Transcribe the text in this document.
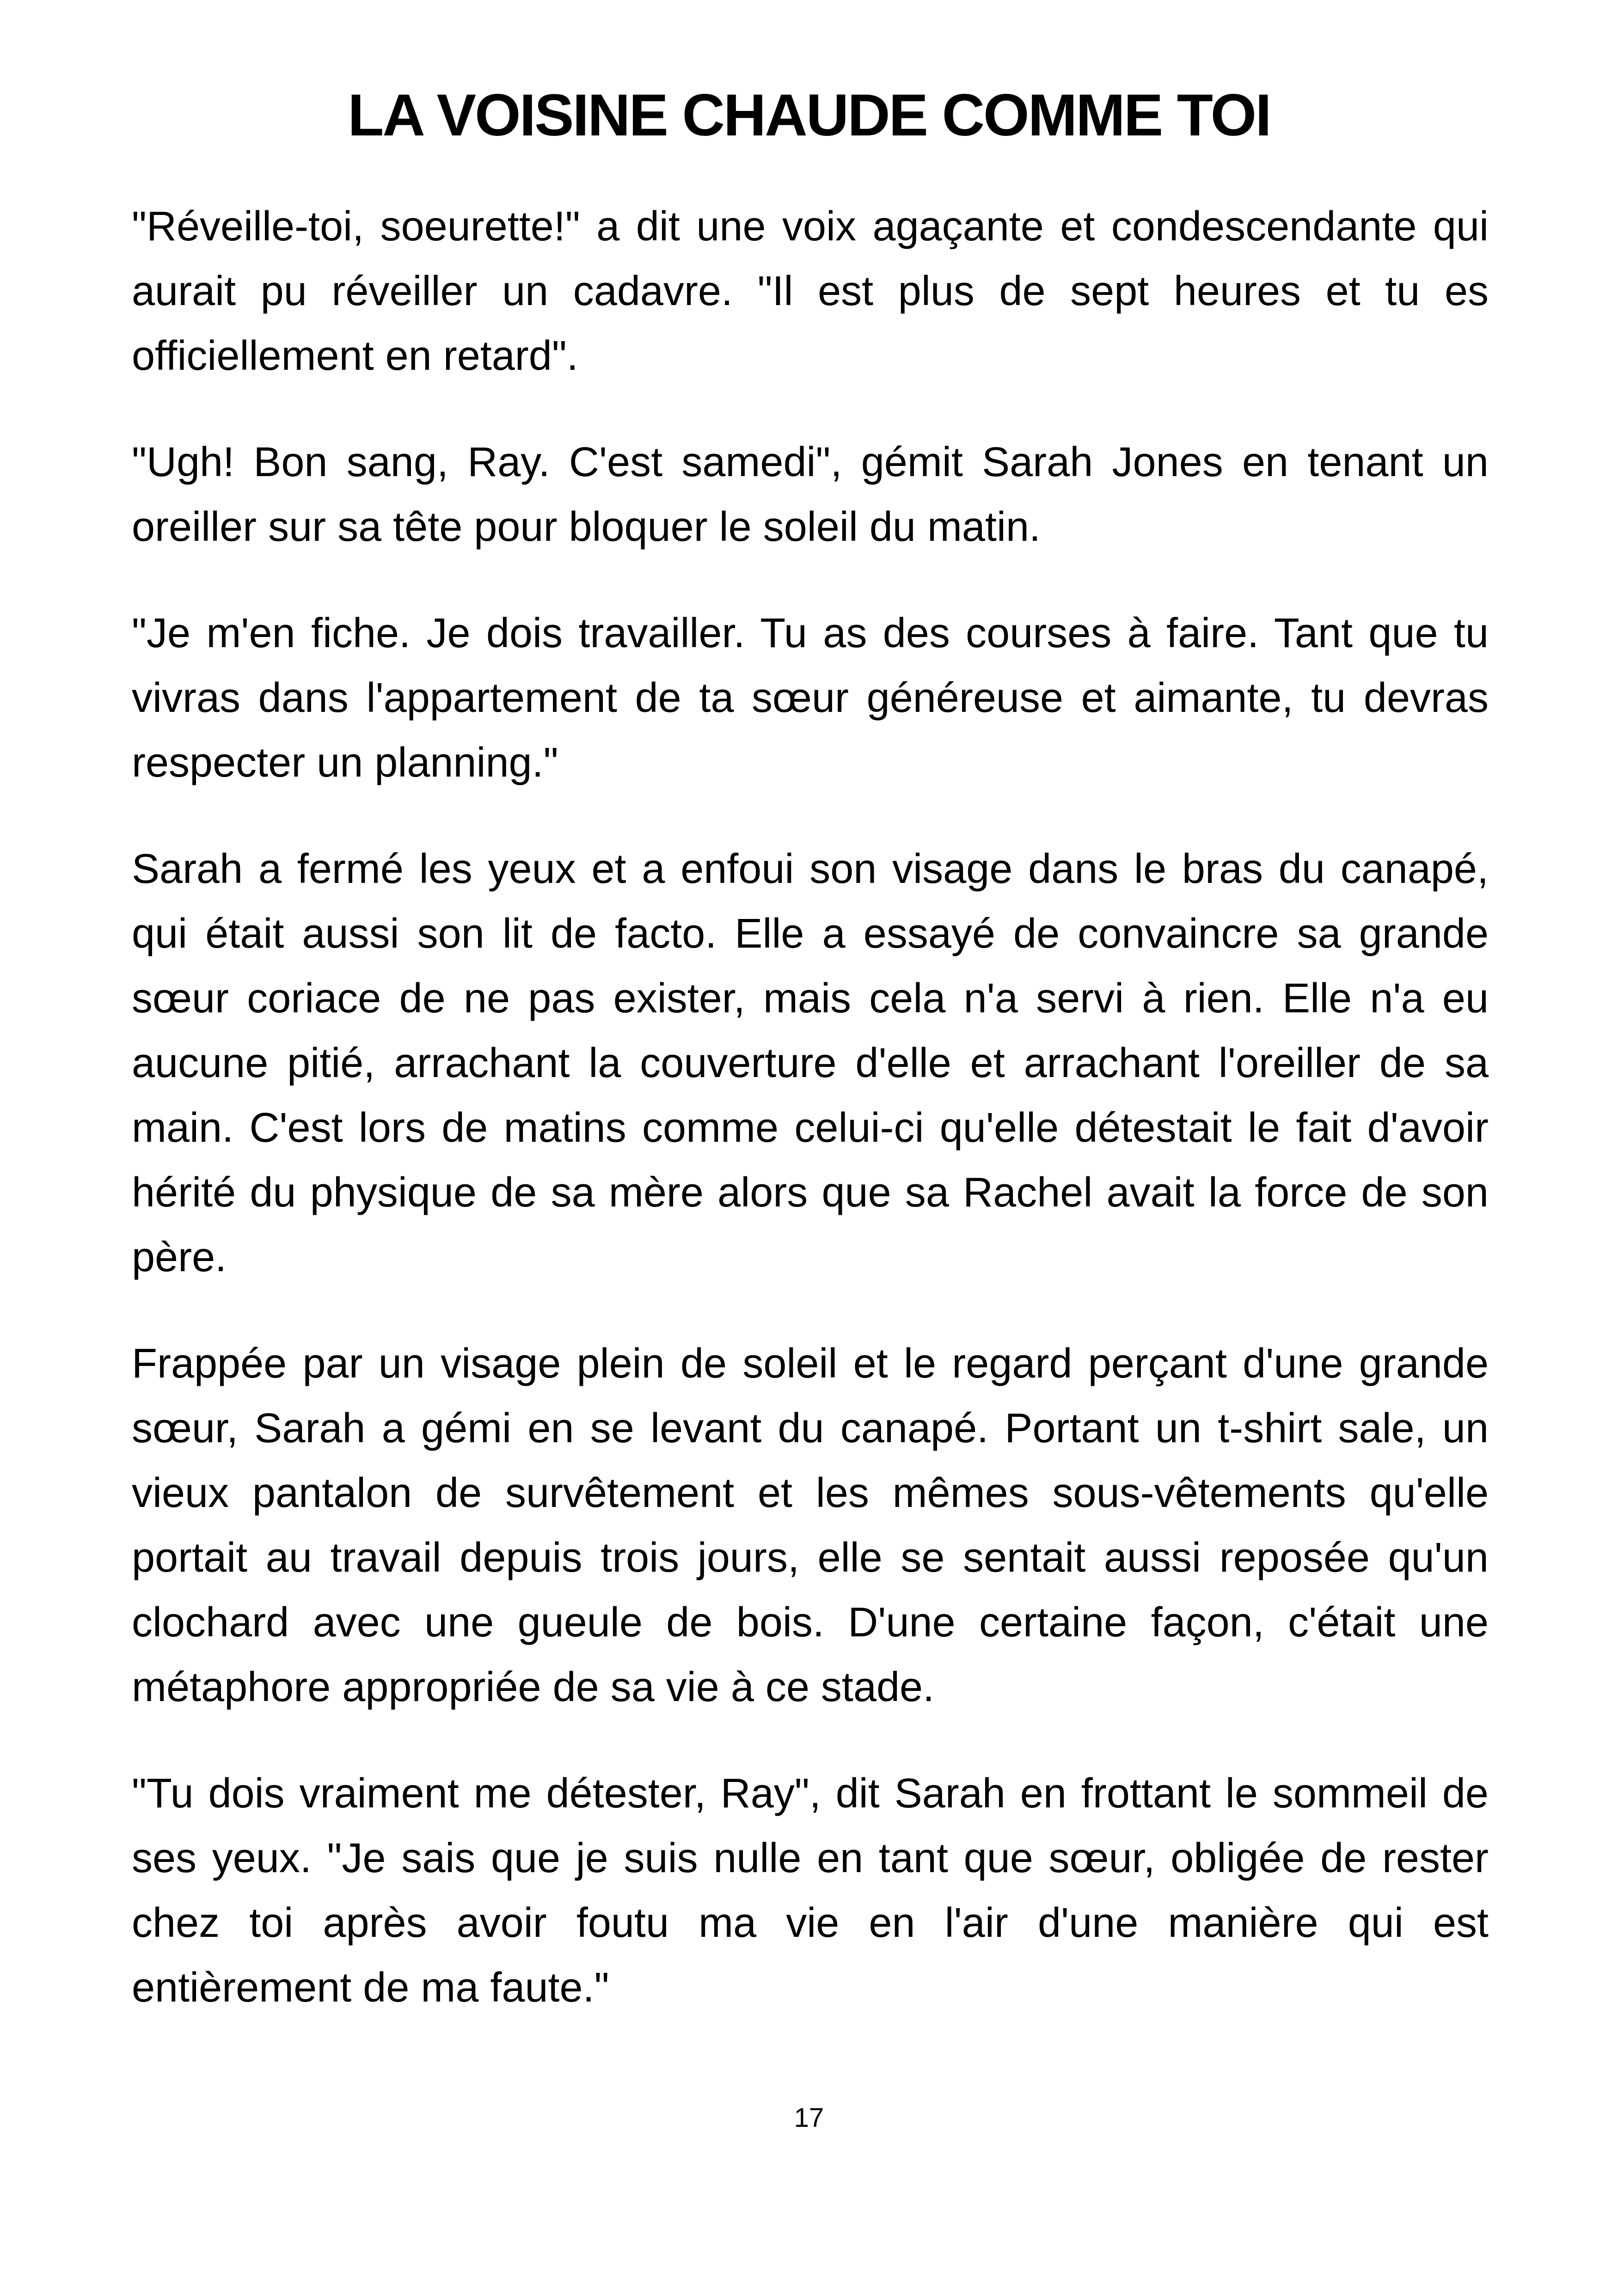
LA VOISINE CHAUDE COMME TOI

"Réveille-toi, soeurette!" a dit une voix agaçante et condescendante qui aurait pu réveiller un cadavre. "Il est plus de sept heures et tu es officiellement en retard".

"Ugh! Bon sang, Ray. C'est samedi", gémit Sarah Jones en tenant un oreiller sur sa tête pour bloquer le soleil du matin.

"Je m'en fiche. Je dois travailler. Tu as des courses à faire. Tant que tu vivras dans l'appartement de ta sœur généreuse et aimante, tu devras respecter un planning."

Sarah a fermé les yeux et a enfoui son visage dans le bras du canapé, qui était aussi son lit de facto. Elle a essayé de convaincre sa grande sœur coriace de ne pas exister, mais cela n'a servi à rien. Elle n'a eu aucune pitié, arrachant la couverture d'elle et arrachant l'oreiller de sa main. C'est lors de matins comme celui-ci qu'elle détestait le fait d'avoir hérité du physique de sa mère alors que sa Rachel avait la force de son père.

Frappée par un visage plein de soleil et le regard perçant d'une grande sœur, Sarah a gémi en se levant du canapé. Portant un t-shirt sale, un vieux pantalon de survêtement et les mêmes sous-vêtements qu'elle portait au travail depuis trois jours, elle se sentait aussi reposée qu'un clochard avec une gueule de bois. D'une certaine façon, c'était une métaphore appropriée de sa vie à ce stade.

"Tu dois vraiment me détester, Ray", dit Sarah en frottant le sommeil de ses yeux. "Je sais que je suis nulle en tant que sœur, obligée de rester chez toi après avoir foutu ma vie en l'air d'une manière qui est entièrement de ma faute."

17
